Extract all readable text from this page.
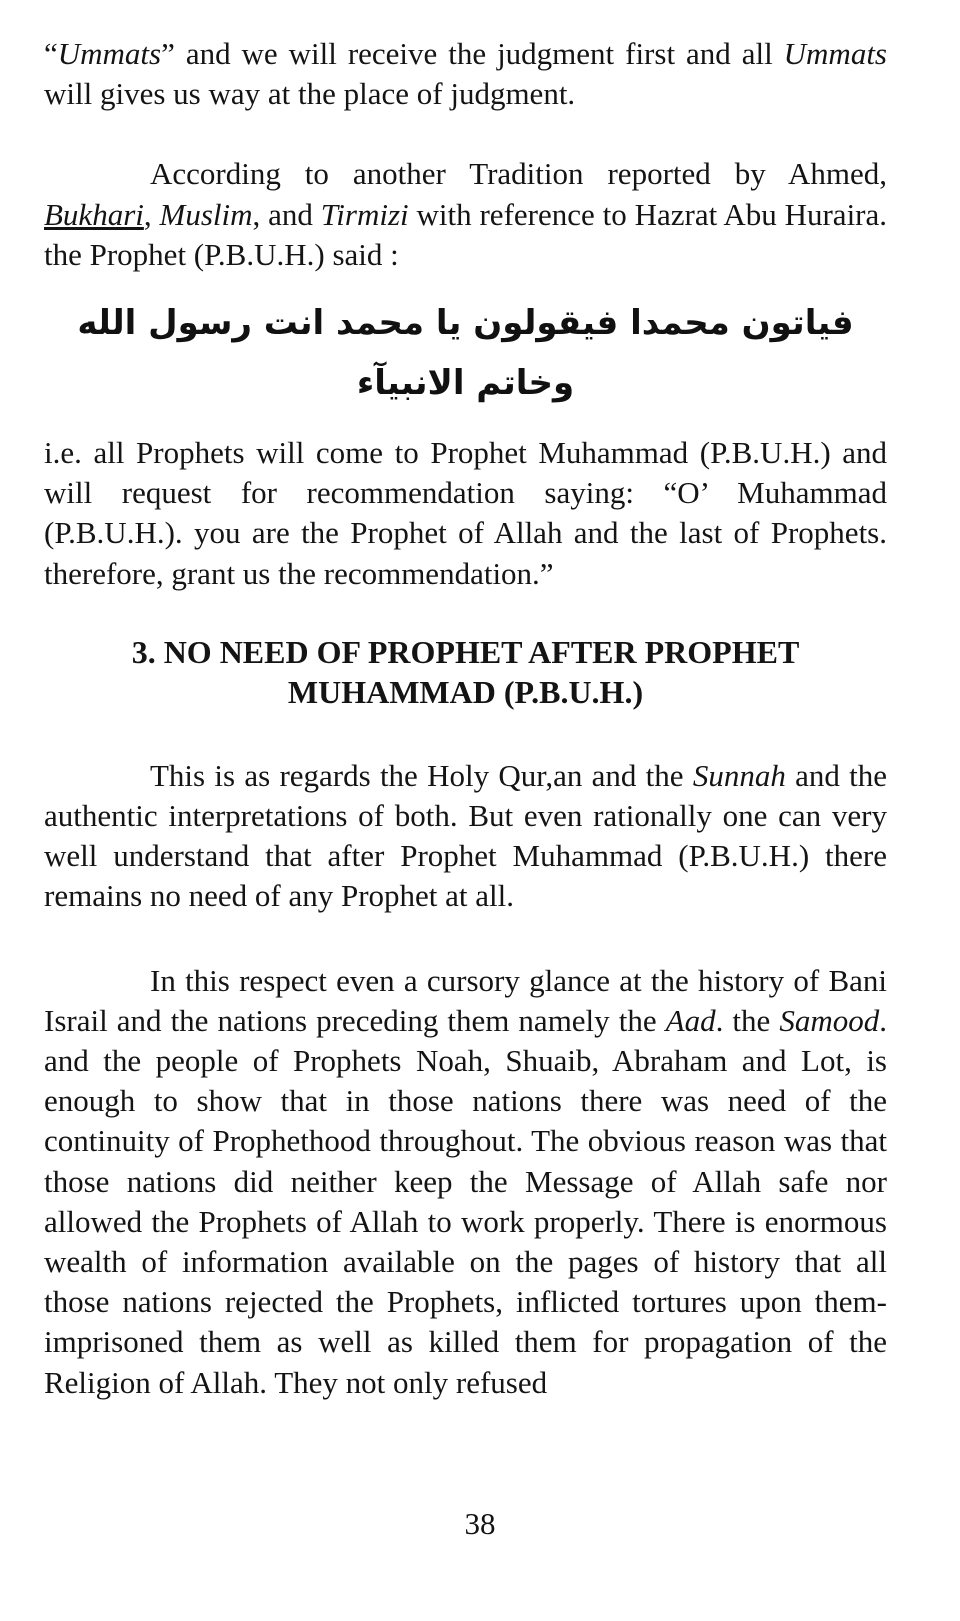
“Ummats” and we will receive the judgment first and all Ummats will gives us way at the place of judgment.

According to another Tradition reported by Ahmed, Bukhari, Muslim, and Tirmizi with reference to Hazrat Abu Huraira. the Prophet (P.B.U.H.) said :

فياتون محمدا فيقولون يا محمد انت رسول الله وخاتم الانبيآء

i.e. all Prophets will come to Prophet Muhammad (P.B.U.H.) and will request for recommendation saying: “O’ Muhammad (P.B.U.H.). you are the Prophet of Allah and the last of Prophets. therefore, grant us the recommendation.”

3. NO NEED OF PROPHET AFTER PROPHET
MUHAMMAD (P.B.U.H.)

This is as regards the Holy Qur,an and the Sunnah and the authentic interpretations of both. But even rationally one can very well understand that after Prophet Muhammad (P.B.U.H.) there remains no need of any Prophet at all.

In this respect even a cursory glance at the history of Bani Israil and the nations preceding them namely the Aad. the Samood. and the people of Prophets Noah, Shuaib, Abraham and Lot, is enough to show that in those nations there was need of the continuity of Prophethood throughout. The obvious reason was that those nations did neither keep the Message of Allah safe nor allowed the Prophets of Allah to work properly. There is enormous wealth of information available on the pages of history that all those nations rejected the Prophets, inflicted tortures upon them-imprisoned them as well as killed them for propagation of the Religion of Allah. They not only refused

38
